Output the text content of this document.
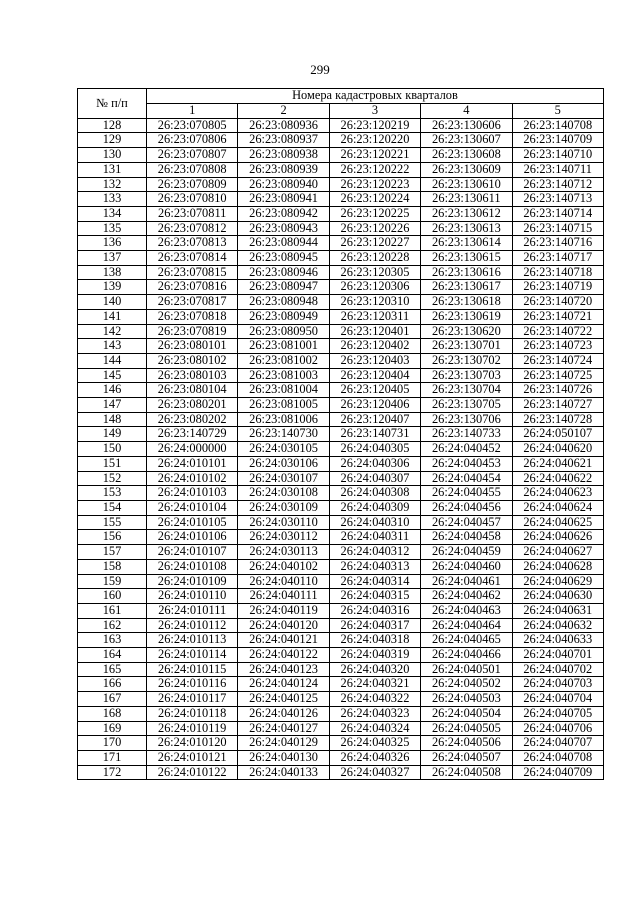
299
№ п/п	Номера кадастровых кварталов				
	1	2	3	4	5
128	26:23:070805	26:23:080936	26:23:120219	26:23:130606	26:23:140708
129	26:23:070806	26:23:080937	26:23:120220	26:23:130607	26:23:140709
130	26:23:070807	26:23:080938	26:23:120221	26:23:130608	26:23:140710
131	26:23:070808	26:23:080939	26:23:120222	26:23:130609	26:23:140711
132	26:23:070809	26:23:080940	26:23:120223	26:23:130610	26:23:140712
133	26:23:070810	26:23:080941	26:23:120224	26:23:130611	26:23:140713
134	26:23:070811	26:23:080942	26:23:120225	26:23:130612	26:23:140714
135	26:23:070812	26:23:080943	26:23:120226	26:23:130613	26:23:140715
136	26:23:070813	26:23:080944	26:23:120227	26:23:130614	26:23:140716
137	26:23:070814	26:23:080945	26:23:120228	26:23:130615	26:23:140717
138	26:23:070815	26:23:080946	26:23:120305	26:23:130616	26:23:140718
139	26:23:070816	26:23:080947	26:23:120306	26:23:130617	26:23:140719
140	26:23:070817	26:23:080948	26:23:120310	26:23:130618	26:23:140720
141	26:23:070818	26:23:080949	26:23:120311	26:23:130619	26:23:140721
142	26:23:070819	26:23:080950	26:23:120401	26:23:130620	26:23:140722
143	26:23:080101	26:23:081001	26:23:120402	26:23:130701	26:23:140723
144	26:23:080102	26:23:081002	26:23:120403	26:23:130702	26:23:140724
145	26:23:080103	26:23:081003	26:23:120404	26:23:130703	26:23:140725
146	26:23:080104	26:23:081004	26:23:120405	26:23:130704	26:23:140726
147	26:23:080201	26:23:081005	26:23:120406	26:23:130705	26:23:140727
148	26:23:080202	26:23:081006	26:23:120407	26:23:130706	26:23:140728
149	26:23:140729	26:23:140730	26:23:140731	26:23:140733	26:24:050107
150	26:24:000000	26:24:030105	26:24:040305	26:24:040452	26:24:040620
151	26:24:010101	26:24:030106	26:24:040306	26:24:040453	26:24:040621
152	26:24:010102	26:24:030107	26:24:040307	26:24:040454	26:24:040622
153	26:24:010103	26:24:030108	26:24:040308	26:24:040455	26:24:040623
154	26:24:010104	26:24:030109	26:24:040309	26:24:040456	26:24:040624
155	26:24:010105	26:24:030110	26:24:040310	26:24:040457	26:24:040625
156	26:24:010106	26:24:030112	26:24:040311	26:24:040458	26:24:040626
157	26:24:010107	26:24:030113	26:24:040312	26:24:040459	26:24:040627
158	26:24:010108	26:24:040102	26:24:040313	26:24:040460	26:24:040628
159	26:24:010109	26:24:040110	26:24:040314	26:24:040461	26:24:040629
160	26:24:010110	26:24:040111	26:24:040315	26:24:040462	26:24:040630
161	26:24:010111	26:24:040119	26:24:040316	26:24:040463	26:24:040631
162	26:24:010112	26:24:040120	26:24:040317	26:24:040464	26:24:040632
163	26:24:010113	26:24:040121	26:24:040318	26:24:040465	26:24:040633
164	26:24:010114	26:24:040122	26:24:040319	26:24:040466	26:24:040701
165	26:24:010115	26:24:040123	26:24:040320	26:24:040501	26:24:040702
166	26:24:010116	26:24:040124	26:24:040321	26:24:040502	26:24:040703
167	26:24:010117	26:24:040125	26:24:040322	26:24:040503	26:24:040704
168	26:24:010118	26:24:040126	26:24:040323	26:24:040504	26:24:040705
169	26:24:010119	26:24:040127	26:24:040324	26:24:040505	26:24:040706
170	26:24:010120	26:24:040129	26:24:040325	26:24:040506	26:24:040707
171	26:24:010121	26:24:040130	26:24:040326	26:24:040507	26:24:040708
172	26:24:010122	26:24:040133	26:24:040327	26:24:040508	26:24:040709
